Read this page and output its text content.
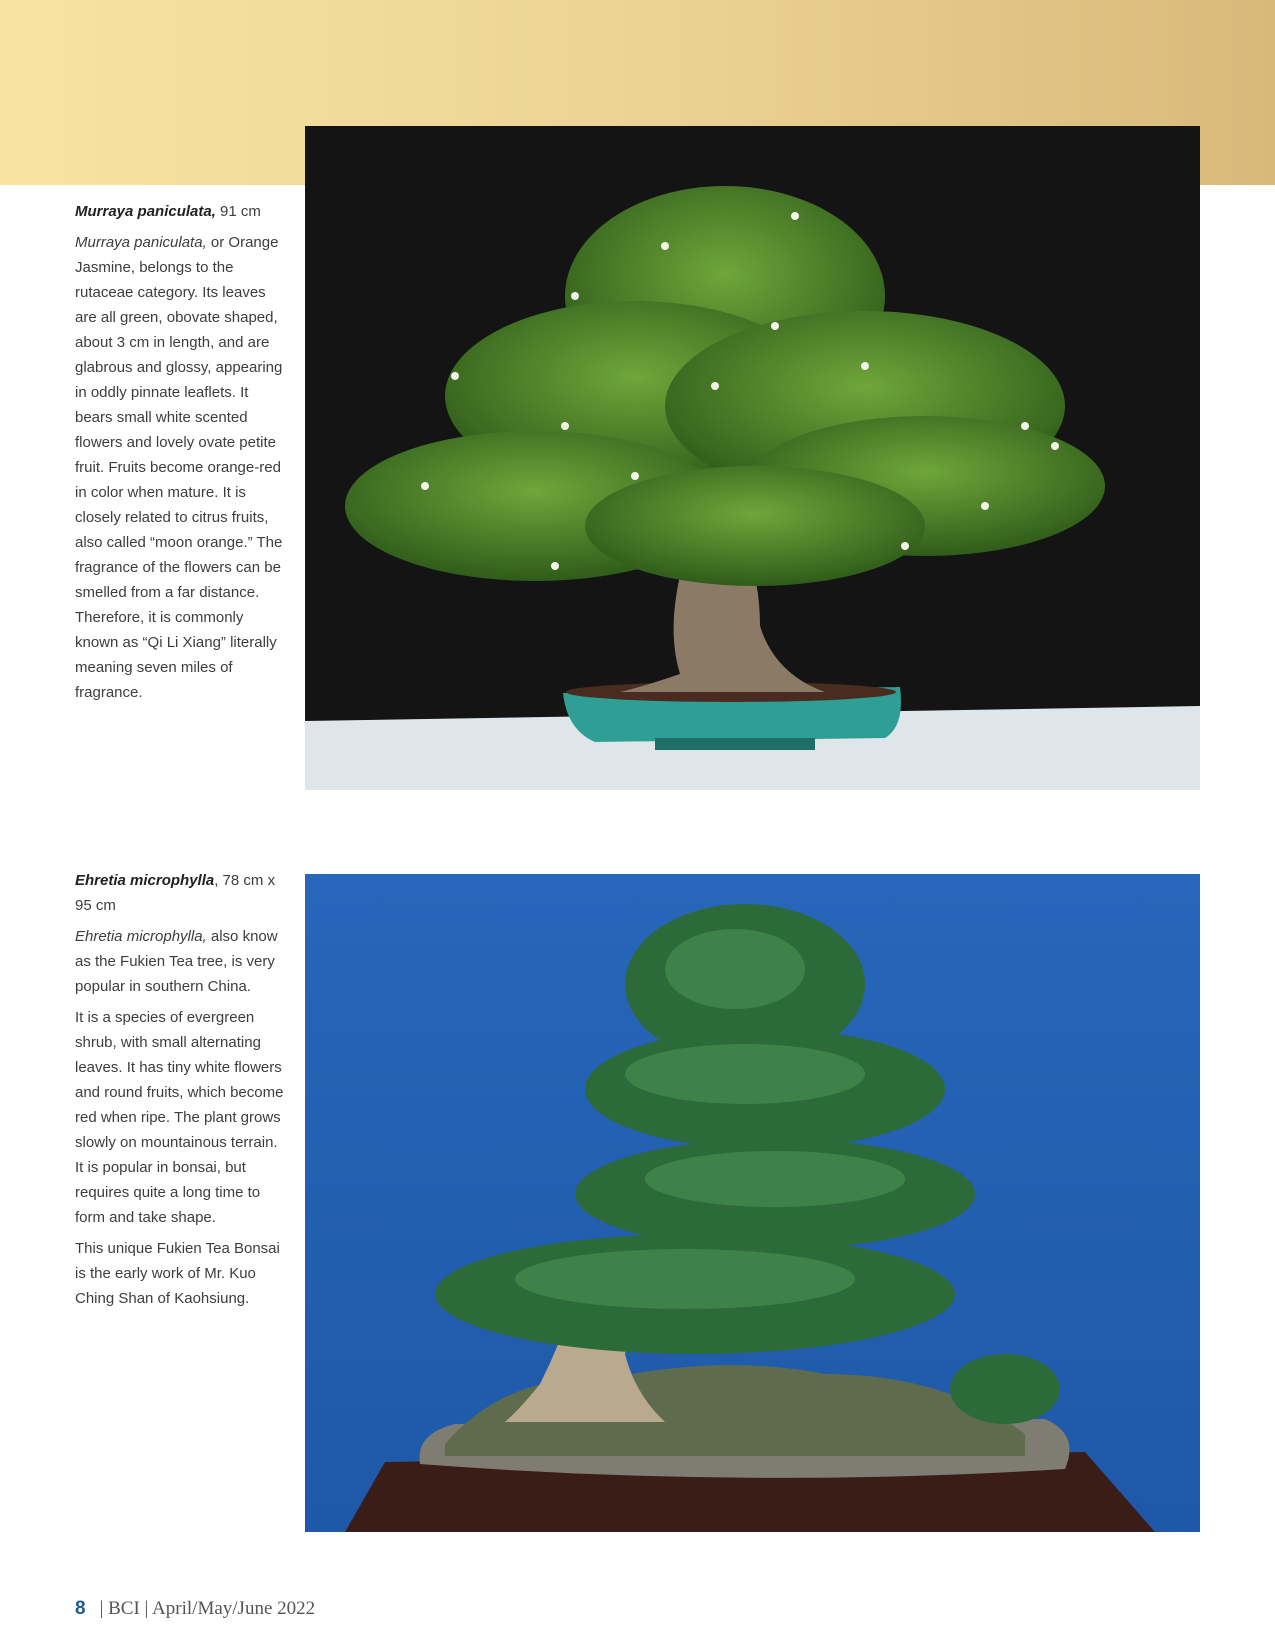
Murraya paniculata, 91 cm

Murraya paniculata, or Orange Jasmine, belongs to the rutaceae category. Its leaves are all green, obovate shaped, about 3 cm in length, and are glabrous and glossy, appearing in oddly pinnate leaflets. It bears small white scented flowers and lovely ovate petite fruit. Fruits become orange-red in color when mature. It is closely related to citrus fruits, also called “moon orange.” The fragrance of the flowers can be smelled from a far distance. Therefore, it is commonly known as “Qi Li Xiang” literally meaning seven miles of fragrance.

Ehretia microphylla, 78 cm x 95 cm

Ehretia microphylla, also know as the Fukien Tea tree, is very popular in southern China.

It is a species of evergreen shrub, with small alternating leaves. It has tiny white flowers and round fruits, which become red when ripe. The plant grows slowly on mountainous terrain. It is popular in bonsai, but requires quite a long time to form and take shape.

This unique Fukien Tea Bonsai is the early work of Mr. Kuo Ching Shan of Kaohsiung.

8 | BCI | April/May/June 2022
